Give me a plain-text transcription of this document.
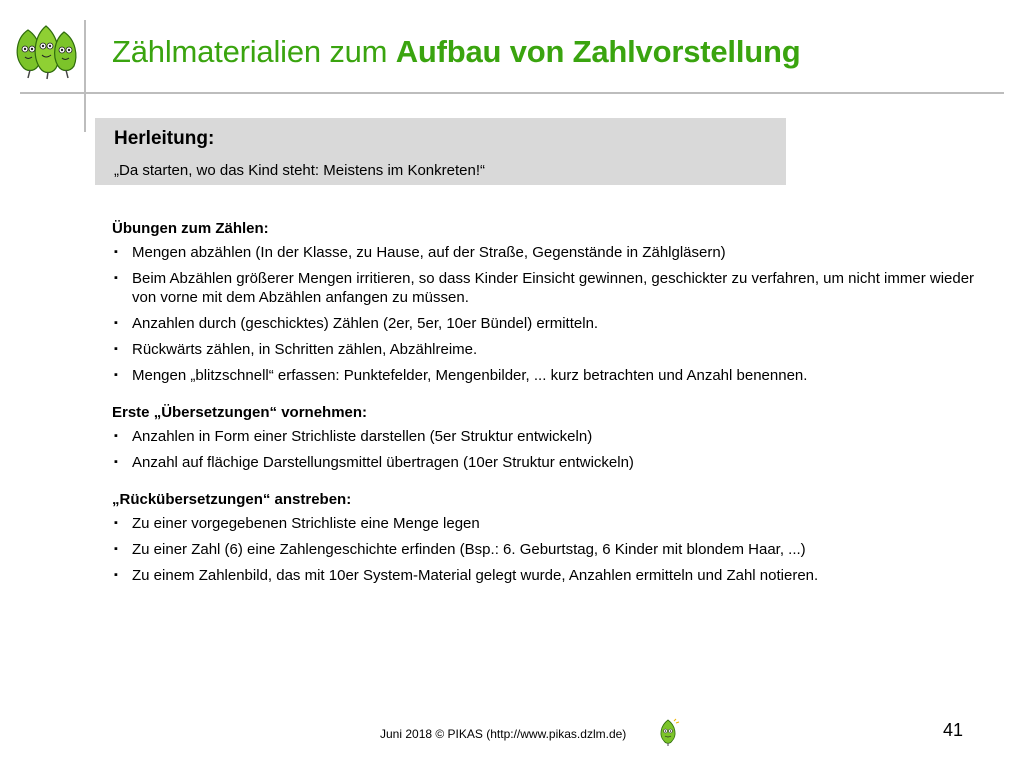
Zählmaterialien zum Aufbau von Zahlvorstellung
Herleitung:
„Da starten, wo das Kind steht: Meistens im Konkreten!“
Übungen zum Zählen:
▪ Mengen abzählen (In der Klasse, zu Hause, auf der Straße, Gegenstände in Zählgläsern)
▪ Beim Abzählen größerer Mengen irritieren, so dass Kinder Einsicht gewinnen, geschickter zu verfahren, um nicht immer wieder von vorne mit dem Abzählen anfangen zu müssen.
▪ Anzahlen durch (geschicktes) Zählen (2er, 5er, 10er Bündel) ermitteln.
▪ Rückwärts zählen, in Schritten zählen, Abzählreime.
▪ Mengen „blitzschnell“ erfassen: Punktefelder, Mengenbilder, ... kurz betrachten und Anzahl benennen.
Erste „Übersetzungen“ vornehmen:
▪ Anzahlen in Form einer Strichliste darstellen (5er Struktur entwickeln)
▪ Anzahl auf flächige Darstellungsmittel übertragen (10er Struktur entwickeln)
„Rückübersetzungen“ anstreben:
▪ Zu einer vorgegebenen Strichliste eine Menge legen
▪ Zu einer Zahl (6) eine Zahlengeschichte erfinden (Bsp.: 6. Geburtstag, 6 Kinder mit blondem Haar, ...)
▪ Zu einem Zahlenbild, das mit 10er System-Material gelegt wurde, Anzahlen ermitteln und Zahl notieren.
Juni 2018 © PIKAS (http://www.pikas.dzlm.de)	41
